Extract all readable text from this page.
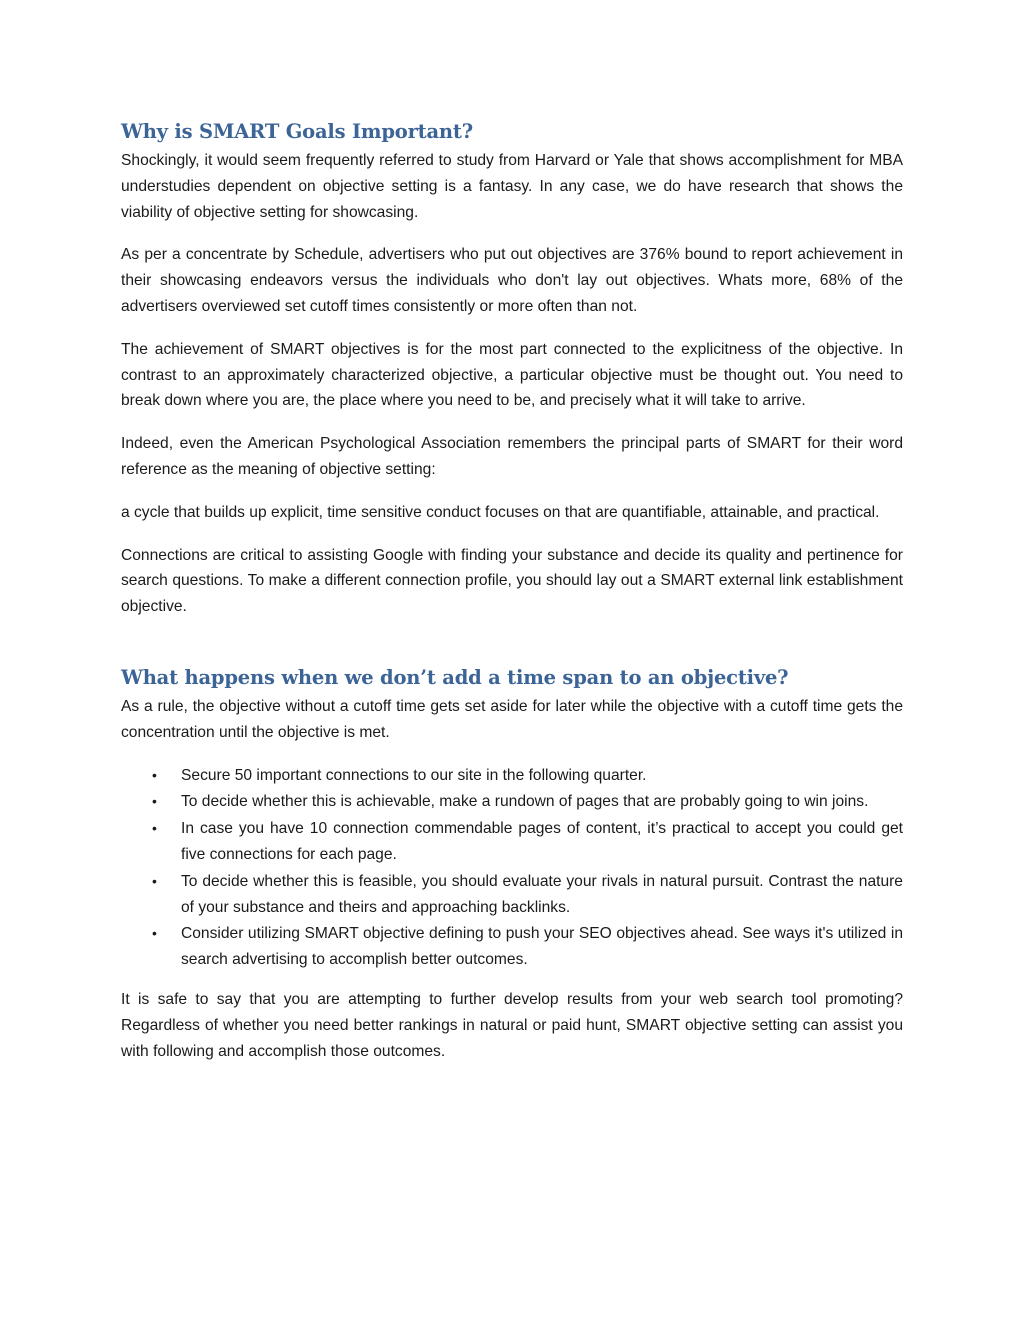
Why is SMART Goals Important?

Shockingly, it would seem frequently referred to study from Harvard or Yale that shows accomplishment for MBA understudies dependent on objective setting is a fantasy. In any case, we do have research that shows the viability of objective setting for showcasing.

As per a concentrate by Schedule, advertisers who put out objectives are 376% bound to report achievement in their showcasing endeavors versus the individuals who don't lay out objectives. Whats more, 68% of the advertisers overviewed set cutoff times consistently or more often than not.

The achievement of SMART objectives is for the most part connected to the explicitness of the objective. In contrast to an approximately characterized objective, a particular objective must be thought out. You need to break down where you are, the place where you need to be, and precisely what it will take to arrive.

Indeed, even the American Psychological Association remembers the principal parts of SMART for their word reference as the meaning of objective setting:

a cycle that builds up explicit, time sensitive conduct focuses on that are quantifiable, attainable, and practical.

Connections are critical to assisting Google with finding your substance and decide its quality and pertinence for search questions. To make a different connection profile, you should lay out a SMART external link establishment objective.

What happens when we don’t add a time span to an objective?

As a rule, the objective without a cutoff time gets set aside for later while the objective with a cutoff time gets the concentration until the objective is met.

• Secure 50 important connections to our site in the following quarter.
• To decide whether this is achievable, make a rundown of pages that are probably going to win joins.
• In case you have 10 connection commendable pages of content, it’s practical to accept you could get five connections for each page.
• To decide whether this is feasible, you should evaluate your rivals in natural pursuit. Contrast the nature of your substance and theirs and approaching backlinks.
• Consider utilizing SMART objective defining to push your SEO objectives ahead. See ways it's utilized in search advertising to accomplish better outcomes.

It is safe to say that you are attempting to further develop results from your web search tool promoting? Regardless of whether you need better rankings in natural or paid hunt, SMART objective setting can assist you with following and accomplish those outcomes.
